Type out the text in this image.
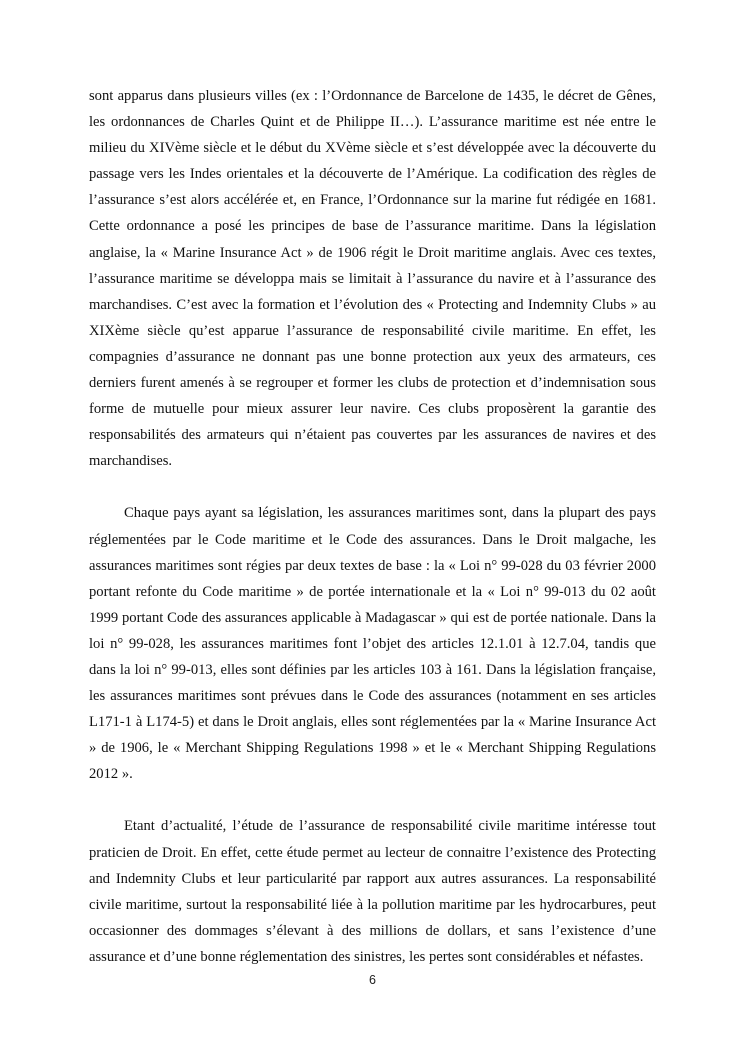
sont apparus dans plusieurs villes (ex : l’Ordonnance de Barcelone de 1435, le décret de Gênes, les ordonnances de Charles Quint et de Philippe II…). L’assurance maritime est née entre le milieu du XIVème siècle et le début du XVème siècle et s’est développée avec la découverte du passage vers les Indes orientales et la découverte de l’Amérique. La codification des règles de l’assurance s’est alors accélérée et, en France, l’Ordonnance sur la marine fut rédigée en 1681. Cette ordonnance a posé les principes de base de l’assurance maritime. Dans la législation anglaise, la « Marine Insurance Act » de 1906 régit le Droit maritime anglais. Avec ces textes, l’assurance maritime se développa mais se limitait à l’assurance du navire et à l’assurance des marchandises. C’est avec la formation et l’évolution des « Protecting and Indemnity Clubs » au XIXème siècle qu’est apparue l’assurance de responsabilité civile maritime. En effet, les compagnies d’assurance ne donnant pas une bonne protection aux yeux des armateurs, ces derniers furent amenés à se regrouper et former les clubs de protection et d’indemnisation sous forme de mutuelle pour mieux assurer leur navire. Ces clubs proposèrent la garantie des responsabilités des armateurs qui n’étaient pas couvertes par les assurances de navires et des marchandises.

Chaque pays ayant sa législation, les assurances maritimes sont, dans la plupart des pays réglementées par le Code maritime et le Code des assurances. Dans le Droit malgache, les assurances maritimes sont régies par deux textes de base : la « Loi n° 99-028 du 03 février 2000 portant refonte du Code maritime » de portée internationale et la « Loi n° 99-013 du 02 août 1999 portant Code des assurances applicable à Madagascar » qui est de portée nationale. Dans la loi n° 99-028, les assurances maritimes font l’objet des articles 12.1.01 à 12.7.04, tandis que dans la loi n° 99-013, elles sont définies par les articles 103 à 161. Dans la législation française, les assurances maritimes sont prévues dans le Code des assurances (notamment en ses articles L171-1 à L174-5) et dans le Droit anglais, elles sont réglementées par la « Marine Insurance Act » de 1906, le « Merchant Shipping Regulations 1998 » et le « Merchant Shipping Regulations 2012 ».

Etant d’actualité, l’étude de l’assurance de responsabilité civile maritime intéresse tout praticien de Droit. En effet, cette étude permet au lecteur de connaitre l’existence des Protecting and Indemnity Clubs et leur particularité par rapport aux autres assurances. La responsabilité civile maritime, surtout la responsabilité liée à la pollution maritime par les hydrocarbures, peut occasionner des dommages s’élevant à des millions de dollars, et sans l’existence d’une assurance et d’une bonne réglementation des sinistres, les pertes sont considérables et néfastes.

6
